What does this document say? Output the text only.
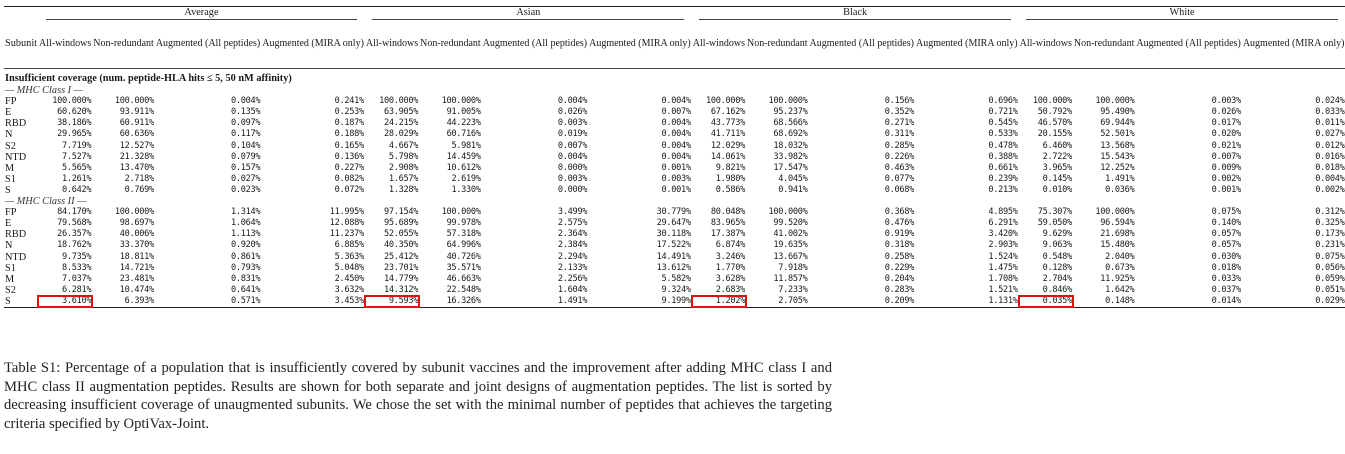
	Average				Asian				Black				White			
Subunit	All-windows	Non-redundant	Augmented (All peptides)	Augmented (MIRA only)	All-windows	Non-redundant	Augmented (All peptides)	Augmented (MIRA only)	All-windows	Non-redundant	Augmented (All peptides)	Augmented (MIRA only)	All-windows	Non-redundant	Augmented (All peptides)	Augmented (MIRA only)
Insufficient coverage (num. peptide-HLA hits ≤ 5, 50 nM affinity)																
— MHC Class I —																
FP	100.000%	100.000%	0.004%	0.241%	100.000%	100.000%	0.004%	0.004%	100.000%	100.000%	0.156%	0.696%	100.000%	100.000%	0.003%	0.024%
E	60.620%	93.911%	0.135%	0.253%	63.905%	91.005%	0.026%	0.007%	67.162%	95.237%	0.352%	0.721%	50.792%	95.490%	0.026%	0.033%
RBD	38.186%	60.911%	0.097%	0.187%	24.215%	44.223%	0.003%	0.004%	43.773%	68.566%	0.271%	0.545%	46.570%	69.944%	0.017%	0.011%
N	29.965%	60.636%	0.117%	0.188%	28.029%	60.716%	0.019%	0.004%	41.711%	68.692%	0.311%	0.533%	20.155%	52.501%	0.020%	0.027%
S2	7.719%	12.527%	0.104%	0.165%	4.667%	5.981%	0.007%	0.004%	12.029%	18.032%	0.285%	0.478%	6.460%	13.568%	0.021%	0.012%
NTD	7.527%	21.328%	0.079%	0.136%	5.798%	14.459%	0.004%	0.004%	14.061%	33.982%	0.226%	0.388%	2.722%	15.543%	0.007%	0.016%
M	5.565%	13.470%	0.157%	0.227%	2.908%	10.612%	0.000%	0.001%	9.821%	17.547%	0.463%	0.661%	3.965%	12.252%	0.009%	0.018%
S1	1.261%	2.718%	0.027%	0.082%	1.657%	2.619%	0.003%	0.003%	1.980%	4.045%	0.077%	0.239%	0.145%	1.491%	0.002%	0.004%
S	0.642%	0.769%	0.023%	0.072%	1.328%	1.330%	0.000%	0.001%	0.586%	0.941%	0.068%	0.213%	0.010%	0.036%	0.001%	0.002%
— MHC Class II —																
FP	84.170%	100.000%	1.314%	11.995%	97.154%	100.000%	3.499%	30.779%	80.048%	100.000%	0.368%	4.895%	75.307%	100.000%	0.075%	0.312%
E	79.568%	98.697%	1.064%	12.088%	95.689%	99.978%	2.575%	29.647%	83.965%	99.520%	0.476%	6.291%	59.050%	96.594%	0.140%	0.325%
RBD	26.357%	40.006%	1.113%	11.237%	52.055%	57.318%	2.364%	30.118%	17.387%	41.002%	0.919%	3.420%	9.629%	21.698%	0.057%	0.173%
N	18.762%	33.370%	0.920%	6.885%	40.350%	64.996%	2.384%	17.522%	6.874%	19.635%	0.318%	2.903%	9.063%	15.480%	0.057%	0.231%
NTD	9.735%	18.811%	0.861%	5.363%	25.412%	40.726%	2.294%	14.491%	3.246%	13.667%	0.258%	1.524%	0.548%	2.040%	0.030%	0.075%
S1	8.533%	14.721%	0.793%	5.048%	23.701%	35.571%	2.133%	13.612%	1.770%	7.918%	0.229%	1.475%	0.128%	0.673%	0.018%	0.056%
M	7.037%	23.481%	0.831%	2.450%	14.779%	46.663%	2.256%	5.582%	3.628%	11.857%	0.204%	1.708%	2.704%	11.925%	0.033%	0.059%
S2	6.281%	10.474%	0.641%	3.632%	14.312%	22.548%	1.604%	9.324%	2.683%	7.233%	0.283%	1.521%	0.846%	1.642%	0.037%	0.051%
S	3.610%	6.393%	0.571%	3.453%	9.593%	16.326%	1.491%	9.199%	1.202%	2.705%	0.209%	1.131%	0.035%	0.148%	0.014%	0.029%
Table S1: Percentage of a population that is insufficiently covered by subunit vaccines and the improvement after adding MHC class I and MHC class II augmentation peptides. Results are shown for both separate and joint designs of augmentation peptides. The list is sorted by decreasing insufficient coverage of unaugmented subunits. We chose the set with the minimal number of peptides that achieves the targeting criteria specified by OptiVax-Joint.
